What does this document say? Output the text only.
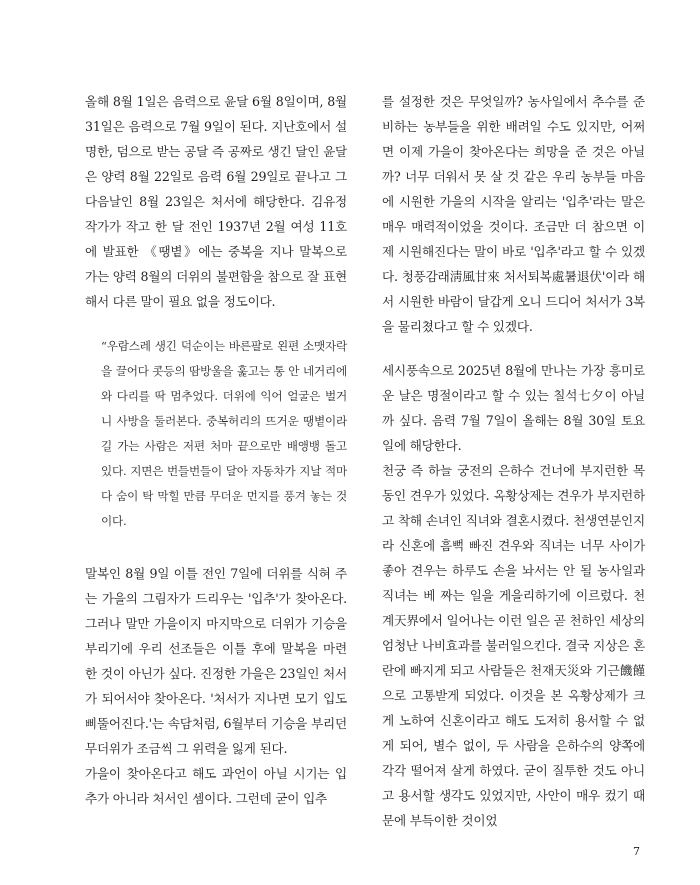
올해 8월 1일은 음력으로 윤달 6월 8일이며, 8월 31일은 음력으로 7월 9일이 된다. 지난호에서 설명한, 덤으로 받는 공달 즉 공짜로 생긴 달인 윤달은 양력 8월 22일로 음력 6월 29일로 끝나고 그 다음날인 8월 23일은 처서에 해당한다. 김유정 작가가 작고 한 달 전인 1937년 2월 여성 11호에 발표한 《땡볕》에는 중복을 지나 말복으로 가는 양력 8월의 더위의 불편함을 참으로 잘 표현해서 다른 말이 필요 없을 정도이다.

“우람스레 생긴 덕순이는 바른팔로 왼편 소맷자락을 끌어다 콧등의 땀방울을 훑고는 통 안 네거리에 와 다리를 딱 멈추었다. 더위에 익어 얼굴은 벌거니 사방을 둘러본다. 중복허리의 뜨거운 땡볕이라 길 가는 사람은 저편 처마 끝으로만 배앵뱅 돌고 있다. 지면은 번들번들이 달아 자동차가 지날 적마다 숨이 탁 막힐 만큼 무더운 먼지를 풍겨 놓는 것이다.

말복인 8월 9일 이틀 전인 7일에 더위를 식혀 주는 가을의 그림자가 드리우는 '입추'가 찾아온다. 그러나 말만 가을이지 마지막으로 더위가 기승을 부리기에 우리 선조들은 이틀 후에 말복을 마련한 것이 아닌가 싶다. 진정한 가을은 23일인 처서가 되어서야 찾아온다. '처서가 지나면 모기 입도 삐뚤어진다.'는 속담처럼, 6월부터 기승을 부리던 무더위가 조금씩 그 위력을 잃게 된다.

가을이 찾아온다고 해도 과언이 아닐 시기는 입추가 아니라 처서인 셈이다. 그런데 굳이 입추

를 설정한 것은 무엇일까? 농사일에서 추수를 준비하는 농부들을 위한 배려일 수도 있지만, 어쩌면 이제 가을이 찾아온다는 희망을 준 것은 아닐까? 너무 더워서 못 살 것 같은 우리 농부들 마음에 시원한 가을의 시작을 알리는 '입추'라는 말은 매우 매력적이었을 것이다. 조금만 더 참으면 이제 시원해진다는 말이 바로 '입추'라고 할 수 있겠다. 청풍감래淸風甘來 처서퇴복處暑退伏'이라 해서 시원한 바람이 달갑게 오니 드디어 처서가 3복을 물리쳤다고 할 수 있겠다.

세시풍속으로 2025년 8월에 만나는 가장 흥미로운 날은 명절이라고 할 수 있는 칠석七夕이 아닐까 싶다. 음력 7월 7일이 올해는 8월 30일 토요일에 해당한다.

천궁 즉 하늘 궁전의 은하수 건너에 부지런한 목동인 견우가 있었다. 옥황상제는 견우가 부지런하고 착해 손녀인 직녀와 결혼시켰다. 천생연분인지라 신혼에 흠뻑 빠진 견우와 직녀는 너무 사이가 좋아 견우는 하루도 손을 놔서는 안 될 농사일과 직녀는 베 짜는 일을 게을리하기에 이르렀다. 천계天界에서 일어나는 이런 일은 곧 천하인 세상의 엄청난 나비효과를 불러일으킨다. 결국 지상은 혼란에 빠지게 되고 사람들은 천재天災와 기근饑饉으로 고통받게 되었다. 이것을 본 옥황상제가 크게 노하여 신혼이라고 해도 도저히 용서할 수 없게 되어, 별수 없이, 두 사람을 은하수의 양쪽에 각각 떨어져 살게 하였다. 굳이 질투한 것도 아니고 용서할 생각도 있었지만, 사안이 매우 컸기 때문에 부득이한 것이었

7
